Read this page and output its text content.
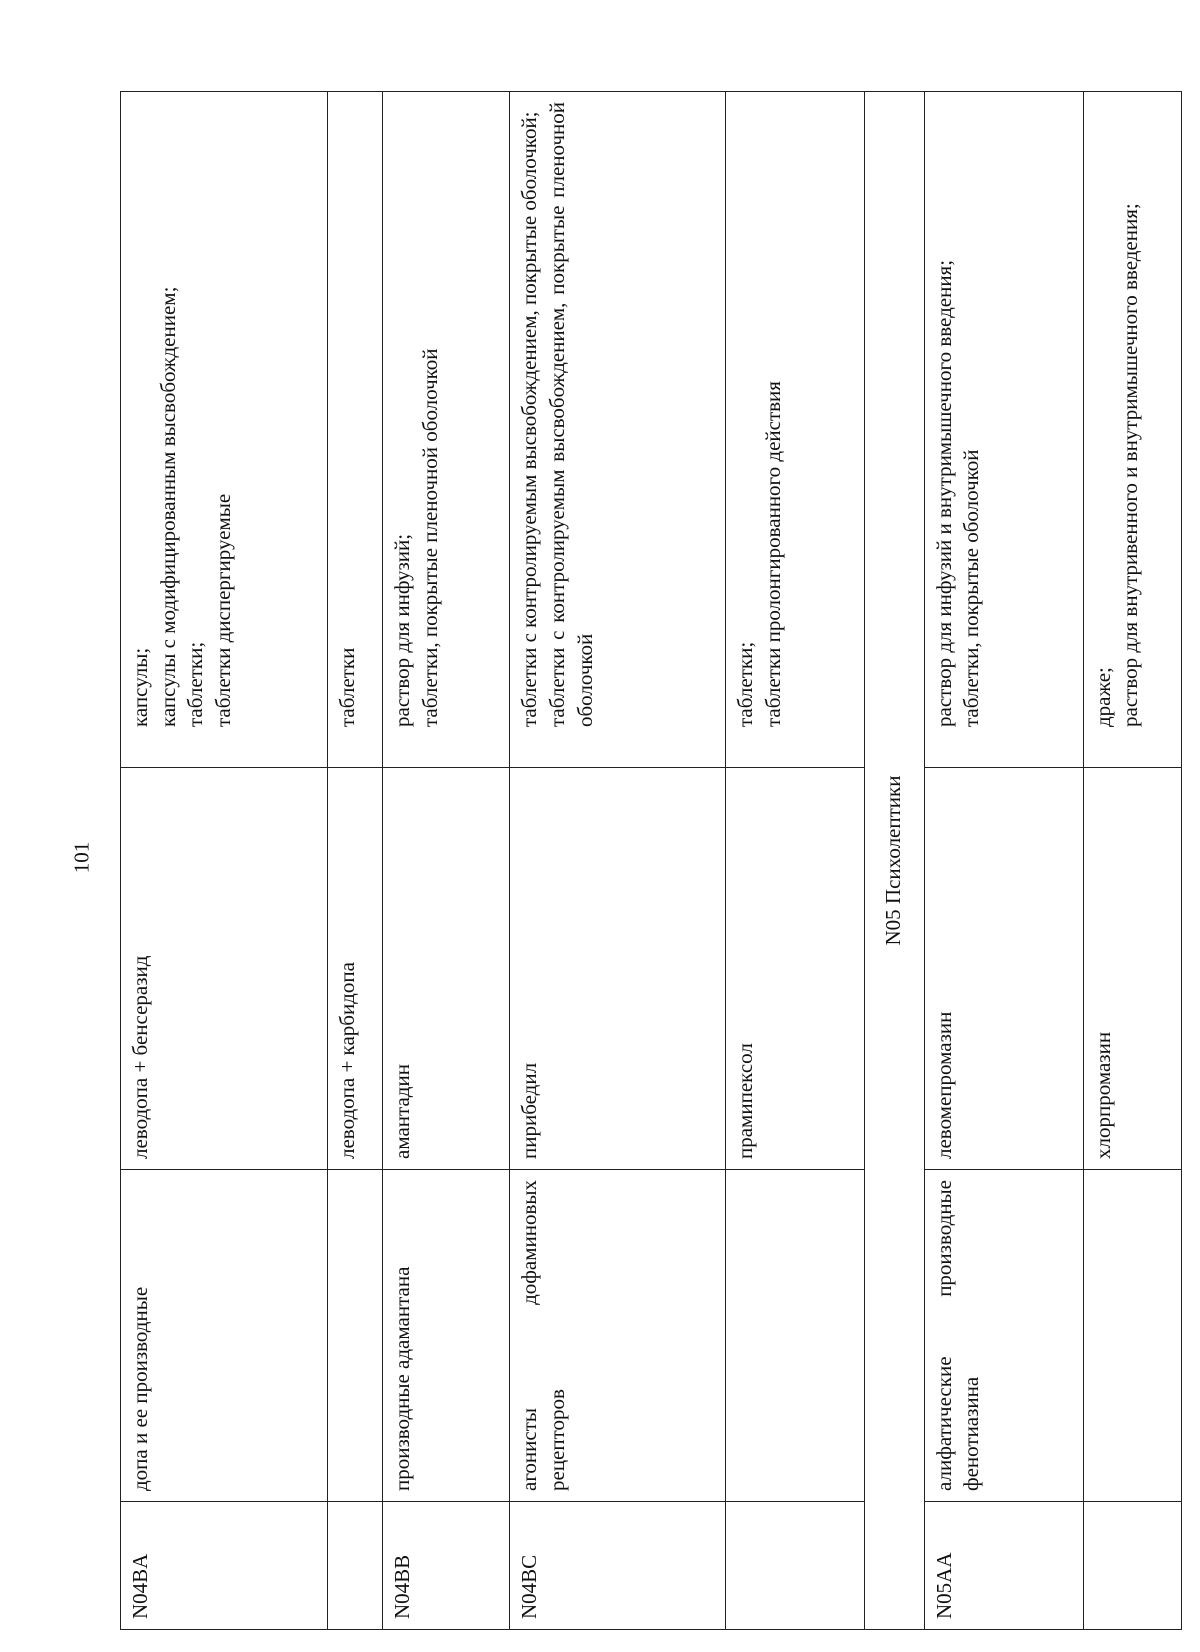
101
N04BA	допа и ее производные	леводопа + бенсеразид	капсулы; капсулы с модифицированным высвобождением; таблетки; таблетки диспергируемые

		леводопа + карбидопа	таблетки

N04BB	производные адамантана	амантадин	раствор для инфузий; таблетки, покрытые пленочной оболочкой

N04BC	агонисты дофаминовых рецепторов	пирибедил	таблетки с контролируемым высвобождением, покрытые оболочкой; таблетки с контролируемым высвобождением, покрытые пленочной оболочкой

		прамипексол	таблетки; таблетки пролонгированного действия

N05 Психолептики			
N05AA	алифатические производные фенотиазина	левомепромазин	раствор для инфузий и внутримышечного введения; таблетки, покрытые оболочкой

		хлорпромазин	драже; раствор для внутривенного и внутримышечного введения;
